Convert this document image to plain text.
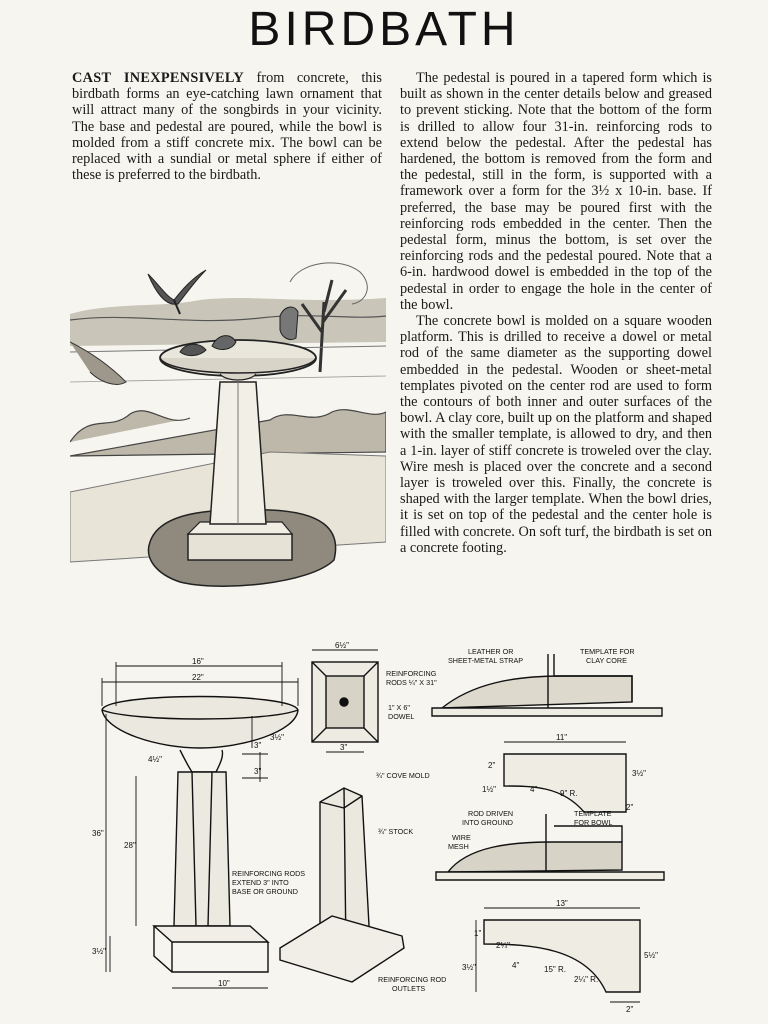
BIRDBATH

CAST INEXPENSIVELY from concrete, this birdbath forms an eye-catching lawn ornament that will attract many of the songbirds in your vicinity. The base and pedestal are poured, while the bowl is molded from a stiff concrete mix. The bowl can be replaced with a sundial or metal sphere if either of these is preferred to the birdbath.

The pedestal is poured in a tapered form which is built as shown in the center details below and greased to prevent sticking. Note that the bottom of the form is drilled to allow four 31-in. reinforcing rods to extend below the pedestal. After the pedestal has hardened, the bottom is removed from the form and the pedestal, still in the form, is supported with a framework over a form for the 3½ x 10-in. base. If preferred, the base may be poured first with the reinforcing rods embedded in the center. Then the pedestal form, minus the bottom, is set over the reinforcing rods and the pedestal poured. Note that a 6-in. hardwood dowel is embedded in the top of the pedestal in order to engage the hole in the center of the bowl.

The concrete bowl is molded on a square wooden platform. This is drilled to receive a dowel or metal rod of the same diameter as the supporting dowel embedded in the pedestal. Wooden or sheet-metal templates pivoted on the center rod are used to form the contours of both inner and outer surfaces of the bowl. A clay core, built up on the platform and shaped with the smaller template, is allowed to dry, and then a 1-in. layer of stiff concrete is troweled over the clay. Wire mesh is placed over the concrete and a second layer is troweled over this. Finally, the concrete is shaped with the larger template. When the bowl dries, it is set on top of the pedestal and the center hole is filled with concrete. On soft turf, the birdbath is set on a concrete footing.

16"
22"
6½"
36"
28"
3½"
4½"
3"
3"
3½"
10"
3"
11"
13"
9" R.
15" R.
2"
2"
1½"
3½"
5½"
4"
4"
2¼"
2¼" R.
1"
3½"
2"
REINFORCING RODS ¼" X 31"
1" X 6" DOWEL
¾" COVE MOLD
¾" STOCK
REINFORCING RODS EXTEND 3" INTO BASE OR GROUND
REINFORCING ROD OUTLETS
LEATHER OR SHEET-METAL STRAP
TEMPLATE FOR CLAY CORE
ROD DRIVEN INTO GROUND
TEMPLATE FOR BOWL
WIRE MESH
